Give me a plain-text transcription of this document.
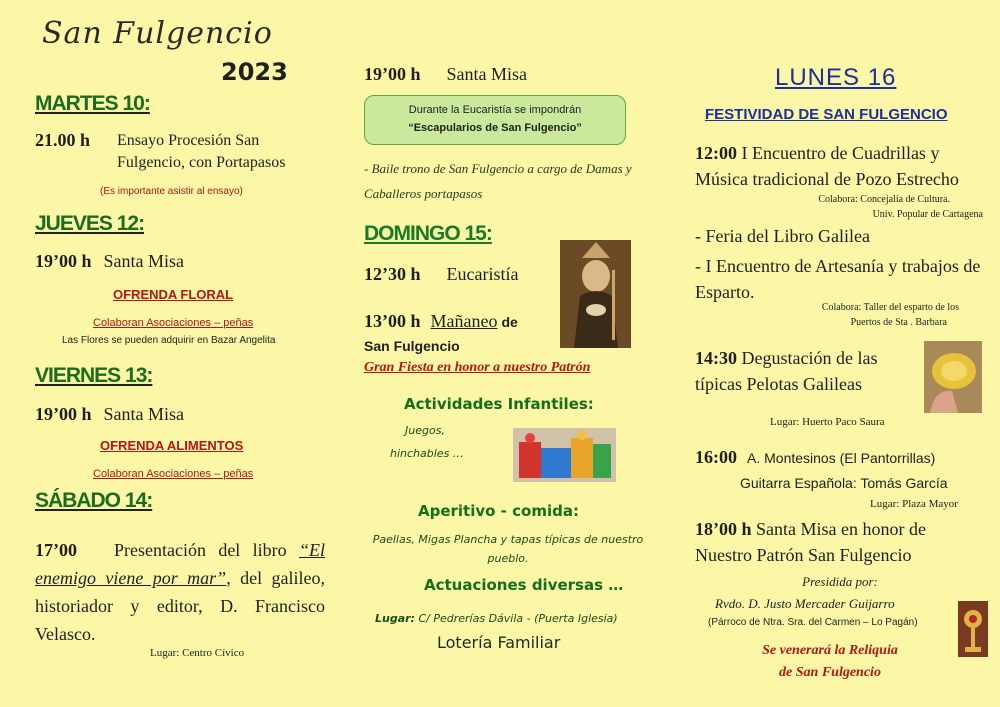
San Fulgencio
2023
MARTES 10:
21.00 h	Ensayo Procesión San Fulgencio, con Portapasos
(Es importante asistir al ensayo)
JUEVES 12:
19’00 h Santa Misa
OFRENDA FLORAL
Colaboran Asociaciones – peñas
Las Flores se pueden adquirir en Bazar Angelita
VIERNES 13:
19’00 h Santa Misa
OFRENDA ALIMENTOS
Colaboran Asociaciones – peñas
SÁBADO 14:
17’00 Presentación del libro “El enemigo viene por mar”, del galileo, historiador y editor, D. Francisco Velasco.
Lugar: Centro Cívico
19’00 h Santa Misa
Durante la Eucaristía se impondrán
“Escapularios de San Fulgencio”
- Baile trono de San Fulgencio a cargo de Damas y Caballeros portapasos
DOMINGO 15:
12’30 h Eucaristía
13’00 h Mañaneo de
San Fulgencio
Gran Fiesta en honor a nuestro Patrón
Actividades Infantiles:
Juegos,
hinchables …
Aperitivo - comida:
Paellas, Migas Plancha y tapas típicas de nuestro pueblo.
Actuaciones diversas …
Lugar: C/ Pedrerías Dávila - (Puerta Iglesia)
Lotería Familiar
LUNES 16
FESTIVIDAD DE SAN FULGENCIO
12:00 I Encuentro de Cuadrillas y Música tradicional de Pozo Estrecho
Colabora: Concejalía de Cultura.
Univ. Popular de Cartagena
- Feria del Libro Galilea
- I Encuentro de Artesanía y trabajos de Esparto.
Colabora: Taller del esparto de los
Puertos de Sta . Barbara
14:30 Degustación de las típicas Pelotas Galileas
Lugar: Huerto Paco Saura
16:00 A. Montesinos (El Pantorrillas)
Guitarra Española: Tomás García
Lugar: Plaza Mayor
18’00 h Santa Misa en honor de Nuestro Patrón San Fulgencio
Presidida por:
Rvdo. D. Justo Mercader Guijarro
(Párroco de Ntra. Sra. del Carmen – Lo Pagán)
Se venerará la Reliquia
de San Fulgencio
